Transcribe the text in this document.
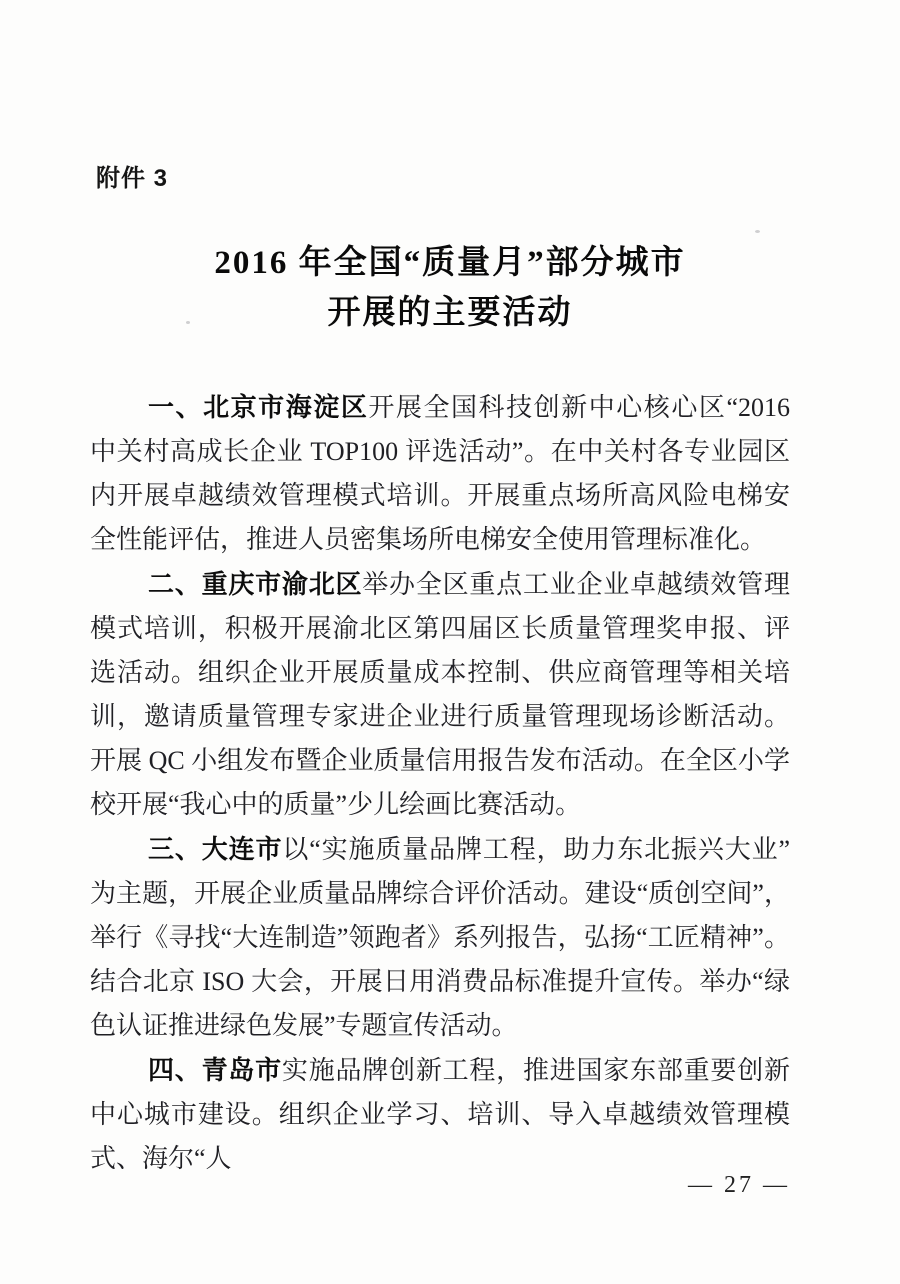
附件 3
2016 年全国“质量月”部分城市
开展的主要活动

一、北京市海淀区开展全国科技创新中心核心区“2016 中关村高成长企业 TOP100 评选活动”。在中关村各专业园区内开展卓越绩效管理模式培训。开展重点场所高风险电梯安全性能评估，推进人员密集场所电梯安全使用管理标准化。

二、重庆市渝北区举办全区重点工业企业卓越绩效管理模式培训，积极开展渝北区第四届区长质量管理奖申报、评选活动。组织企业开展质量成本控制、供应商管理等相关培训，邀请质量管理专家进企业进行质量管理现场诊断活动。开展 QC 小组发布暨企业质量信用报告发布活动。在全区小学校开展“我心中的质量”少儿绘画比赛活动。

三、大连市以“实施质量品牌工程，助力东北振兴大业”为主题，开展企业质量品牌综合评价活动。建设“质创空间”，举行《寻找“大连制造”领跑者》系列报告，弘扬“工匠精神”。结合北京 ISO 大会，开展日用消费品标准提升宣传。举办“绿色认证推进绿色发展”专题宣传活动。

四、青岛市实施品牌创新工程，推进国家东部重要创新中心城市建设。组织企业学习、培训、导入卓越绩效管理模式、海尔“人

— 27 —
